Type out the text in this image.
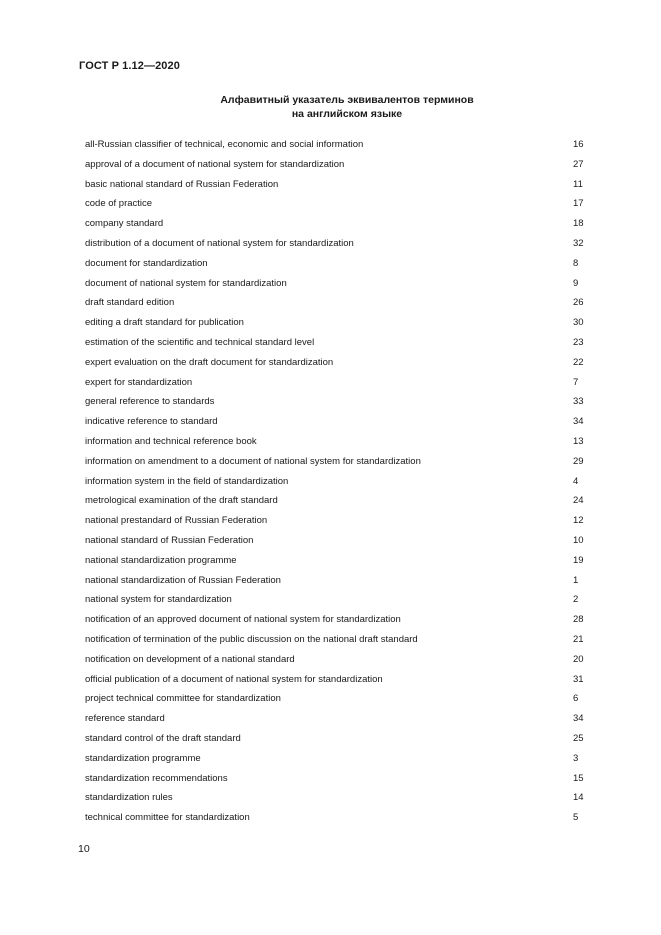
ГОСТ Р 1.12—2020
Алфавитный указатель эквивалентов терминов
на английском языке
all-Russian classifier of technical, economic and social information	16
approval of a document of national system for standardization	27
basic national standard of Russian Federation	11
code of practice	17
company standard	18
distribution of a document of national system for standardization	32
document for standardization	8
document of national system for standardization	9
draft standard edition	26
editing a draft standard for publication	30
estimation of the scientific and technical standard level	23
expert evaluation on the draft document for standardization	22
expert for standardization	7
general reference to standards	33
indicative reference to standard	34
information and technical reference book	13
information on amendment to a document of national system for standardization	29
information system in the field of standardization	4
metrological examination of the draft standard	24
national prestandard of Russian Federation	12
national standard of Russian Federation	10
national standardization programme	19
national standardization of Russian Federation	1
national system for standardization	2
notification of an approved document of national system for standardization	28
notification of termination of the public discussion on the national draft standard	21
notification on development of a national standard	20
official publication of a document of national system for standardization	31
project technical committee for standardization	6
reference standard	34
standard control of the draft standard	25
standardization programme	3
standardization recommendations	15
standardization rules	14
technical committee for standardization	5
10
